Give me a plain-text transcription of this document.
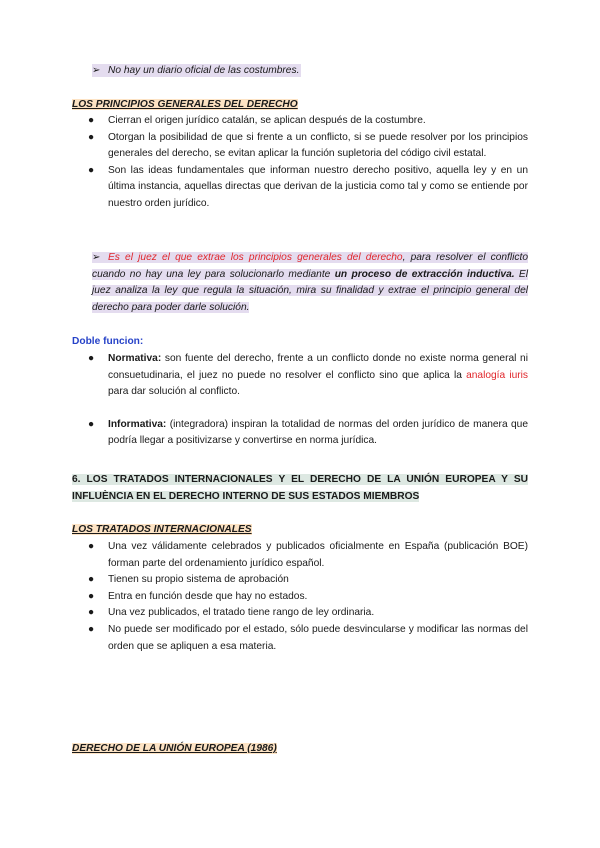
➢ No hay un diario oficial de las costumbres.
LOS PRINCIPIOS GENERALES DEL DERECHO
●	Cierran el origen jurídico catalán, se aplican después de la costumbre.
●	Otorgan la posibilidad de que si frente a un conflicto, si se puede resolver por los principios generales del derecho, se evitan aplicar la función supletoria del código civil estatal.
●	Son las ideas fundamentales que informan nuestro derecho positivo, aquella ley y en un última instancia, aquellas directas que derivan de la justicia como tal y como se entiende por nuestro orden jurídico.
➢ Es el juez el que extrae los principios generales del derecho, para resolver el conflicto cuando no hay una ley para solucionarlo mediante un proceso de extracción inductiva. El juez analiza la ley que regula la situación, mira su finalidad y extrae el principio general del derecho para poder darle solución.
Doble funcion:
●	Normativa: son fuente del derecho, frente a un conflicto donde no existe norma general ni consuetudinaria, el juez no puede no resolver el conflicto sino que aplica la analogía iuris para dar solución al conflicto.
●	Informativa: (integradora) inspiran la totalidad de normas del orden jurídico de manera que podría llegar a positivizarse y convertirse en norma jurídica.
6. LOS TRATADOS INTERNACIONALES Y EL DERECHO DE LA UNIÓN EUROPEA Y SU INFLUÈNCIA EN EL DERECHO INTERNO DE SUS ESTADOS MIEMBROS
LOS TRATADOS INTERNACIONALES
●	Una vez válidamente celebrados y publicados oficialmente en España (publicación BOE) forman parte del ordenamiento jurídico español.
●	Tienen su propio sistema de aprobación
●	Entra en función desde que hay no estados.
●	Una vez publicados, el tratado tiene rango de ley ordinaria.
●	No puede ser modificado por el estado, sólo puede desvincularse y modificar las normas del orden que se apliquen a esa materia.
DERECHO DE LA UNIÓN EUROPEA (1986)
